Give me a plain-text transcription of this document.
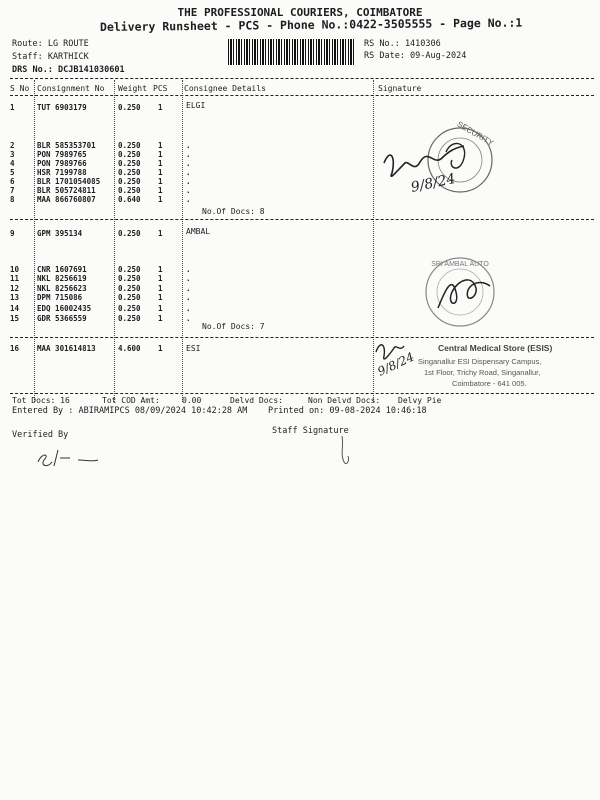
THE PROFESSIONAL COURIERS, COIMBATORE
Delivery Runsheet - PCS - Phone No.:0422-3505555 - Page No.:1
Route: LG ROUTE
Staff: KARTHICK
DRS No.: DCJB141030601
RS No.: 1410306
RS Date: 09-Aug-2024
S No Consignment No Weight PCS Consignee Details	Signature
ELGI
1	TUT 6903179	0.250 1
2	BLR 585353701	0.250 1	.
3	PON 7989765	0.250 1	.
4	PON 7989766	0.250 1	.
5	HSR 7199788	0.250 1	.
6	BLR 1701054085 0.250 1	.
7	BLR 505724811	0.250 1	.
8	MAA 866760807	0.640 1	.
No.Of Docs: 8
AMBAL
9	GPM 395134	0.250 1
10 CNR 1607691	0.250 1	.
11 NKL 8256619	0.250 1	.
12 NKL 8256623	0.250 1	.
13 DPM 715086	0.250 1	.
14 EDQ 16002435	0.250 1	.
15 GDR 5366559	0.250 1	.
No.Of Docs: 7
ESI
16 MAA 301614813	4.600 1
SECURITY
9/8/24
SRI AMBAL AUTO
9/8/24
Central Medical Store (ESIS)
Singanallur ESI Dispensary Campus,
1st Floor, Trichy Road, Singanallur,
Coimbatore - 641 005.
Tot Docs: 16	Tot COD Amt:	0.00	Delvd Docs:	Non Delvd Docs: Delvy Pie
Entered By : ABIRAMIPCS 08/09/2024 10:42:28 AM Printed on: 09-08-2024 10:46:18
Verified By	Staff Signature
